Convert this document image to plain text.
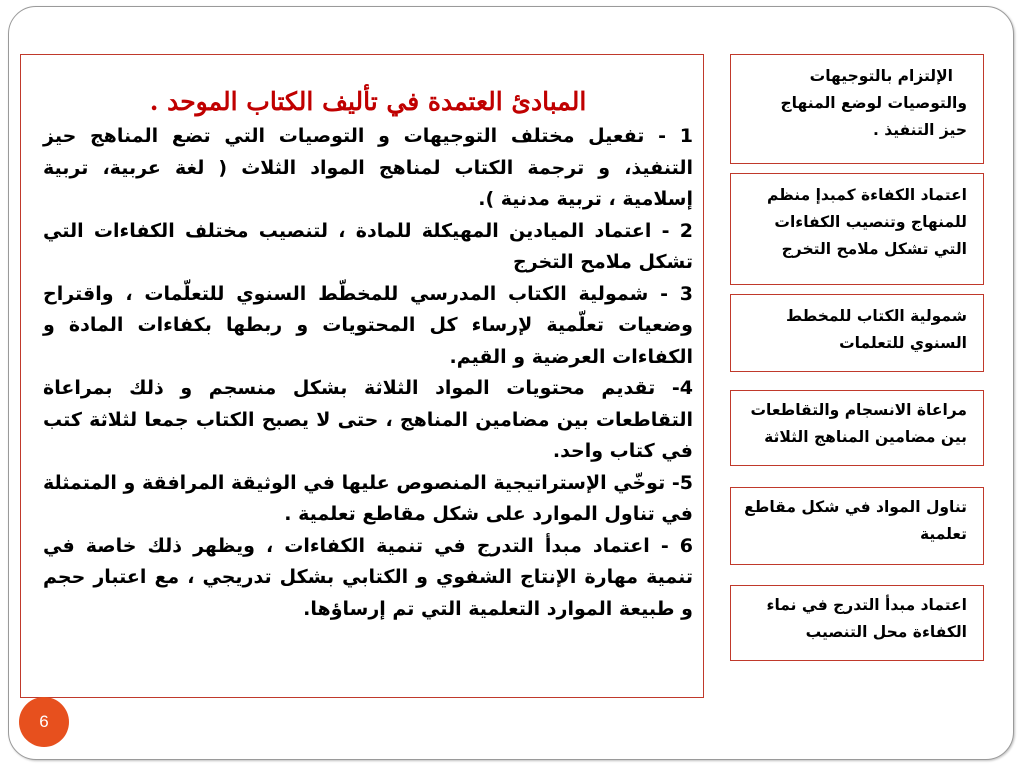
المبادئ العتمدة في تأليف الكتاب الموحد .

1 - تفعيل مختلف التوجيهات و التوصيات التي تضع المناهج حيز التنفيذ، و ترجمة الكتاب لمناهج المواد الثلاث ( لغة عربية، تربية إسلامية ، تربية مدنية ).

2 - اعتماد الميادين المهيكلة للمادة ، لتنصيب مختلف الكفاءات التي تشكل ملامح التخرج

3 - شمولية الكتاب المدرسي للمخطّط السنوي للتعلّمات ، واقتراح وضعيات تعلّمية لإرساء كل المحتويات و ربطها بكفاءات المادة و الكفاءات العرضية و القيم.

4- تقديم محتويات المواد الثلاثة بشكل منسجم و ذلك بمراعاة التقاطعات بين مضامين المناهج ، حتى لا يصبح الكتاب جمعا لثلاثة كتب في كتاب واحد.

5- توخّي الإستراتيجية المنصوص عليها في الوثيقة المرافقة و المتمثلة في تناول الموارد على شكل مقاطع تعلمية .

6 - اعتماد مبدأ التدرج في تنمية الكفاءات ، ويظهر ذلك خاصة في تنمية مهارة الإنتاج الشفوي و الكتابي بشكل تدريجي ، مع اعتبار حجم و طبيعة الموارد التعلمية التي تم إرساؤها.

الإلتزام بالتوجيهات
والتوصيات لوضع المنهاج
حيز التنفيذ .
اعتماد الكفاءة كمبدإ منظم
للمنهاج وتنصيب الكفاءات
التي تشكل ملامح التخرج
شمولية الكتاب للمخطط
السنوي للتعلمات
مراعاة الانسجام والتقاطعات
بين مضامين المناهج الثلاثة
تناول المواد في شكل مقاطع
تعلمية
اعتماد مبدأ التدرج في نماء
الكفاءة محل التنصيب
6
